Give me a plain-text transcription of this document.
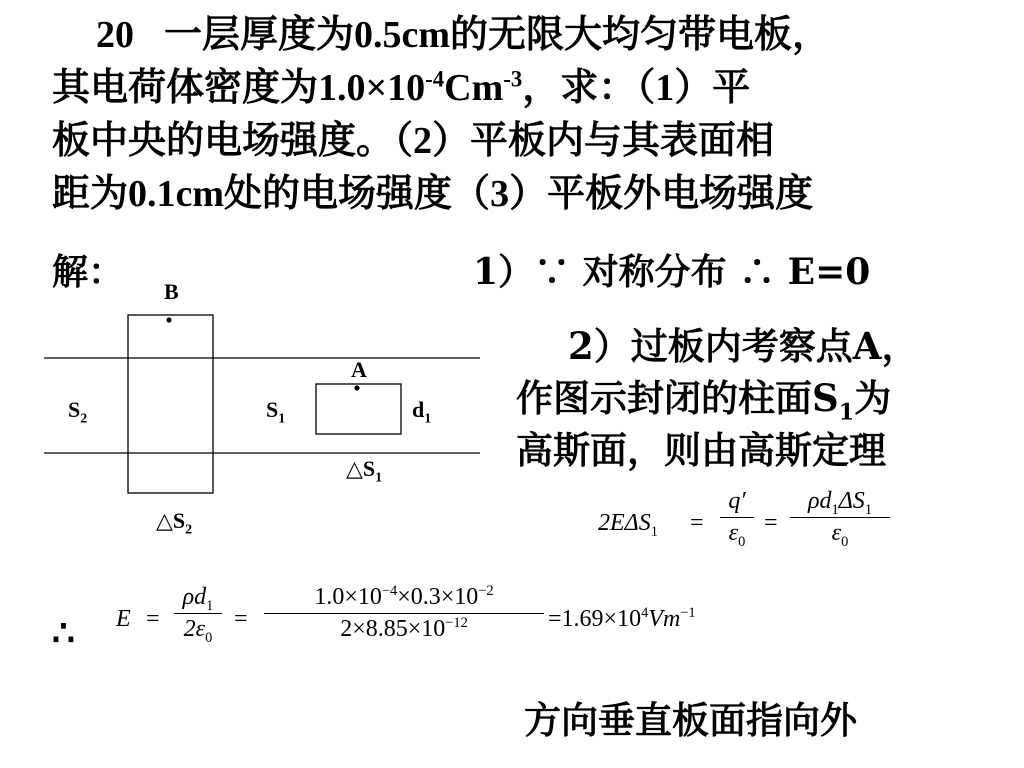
20 一层厚度为0.5cm的无限大均匀带电板，
其电荷体密度为$1.0\times 10^{-4}Cm^{-3}$，求：（1）平
板中央的电场强度。（2）平板内与其表面相
距为0.1cm处的电场强度（3）平板外电场强度
解：	1）∵ 对称分布 ∴ E=0
B
A
$S_2$	$S_1$	$d_1$
$\triangle S_1$
$\triangle S_2$
2）过板内考察点A，
作图示封闭的柱面$S_1$为
高斯面，则由高斯定理
$2E\Delta S_1$ =
q′
$\varepsilon_0$
=
$\rho d_1\Delta S_1$
$\varepsilon_0$
∴ E =
$\rho d_1$
$2\varepsilon_0$
=
$1.0\times 10^{-4}\times 0.3\times 10^{-2}$
$2\times 8.85\times 10^{-12}$	$=1.69\times 10^4Vm^{-1}$
方向垂直板面指向外
